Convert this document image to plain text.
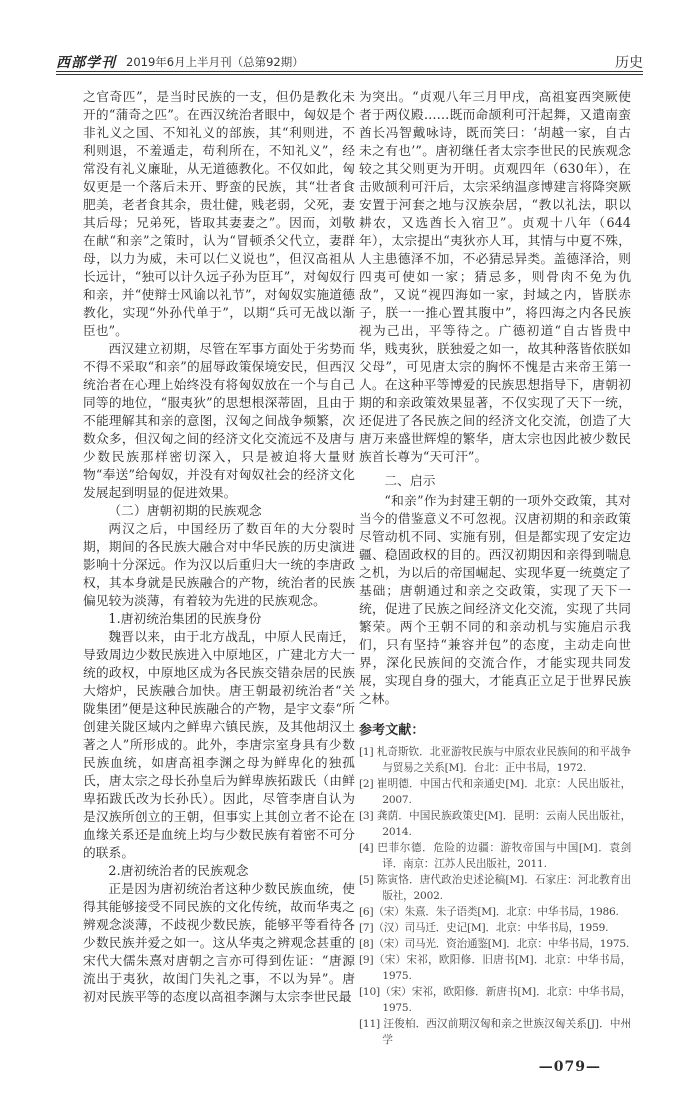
西部学刊 2019年6月上半月刊（总第92期）	历史

之官奇匹”，是当时民族的一支，但仍是教化未开的“蒲奇之匹”。在西汉统治者眼中，匈奴是个非礼义之国、不知礼义的部族，其“利则进，不利则退，不羞遁走，苟利所在，不知礼义”，经常没有礼义廉耻，从无道德教化。不仅如此，匈奴更是一个落后未开、野蛮的民族，其“壮者食肥美，老者食其余，贵壮健，贱老弱，父死，妻其后母；兄弟死，皆取其妻妻之”。因而，刘敬在献“和亲”之策时，认为“冒顿杀父代立，妻群母，以力为威，未可以仁义说也”，但汉高祖从长远计，“独可以计久远子孙为臣耳”，对匈奴行和亲，并“使辩士风谕以礼节”，对匈奴实施道德教化，实现“外孙代单于”，以期“兵可无战以渐臣也”。

西汉建立初期，尽管在军事方面处于劣势而不得不采取“和亲”的屈辱政策保境安民，但西汉统治者在心理上始终没有将匈奴放在一个与自己同等的地位，“服夷狄”的思想根深蒂固，且由于不能理解其和亲的意图，汉匈之间战争频繁，次数众多，但汉匈之间的经济文化交流远不及唐与少数民族那样密切深入，只是被迫将大量财物“奉送”给匈奴，并没有对匈奴社会的经济文化发展起到明显的促进效果。

（二）唐朝初期的民族观念

两汉之后，中国经历了数百年的大分裂时期，期间的各民族大融合对中华民族的历史演进影响十分深远。作为汉以后重归大一统的李唐政权，其本身就是民族融合的产物，统治者的民族偏见较为淡薄，有着较为先进的民族观念。

1.唐初统治集团的民族身份

魏晋以来，由于北方战乱，中原人民南迁，导致周边少数民族进入中原地区，广建北方大一统的政权，中原地区成为各民族交错杂居的民族大熔炉，民族融合加快。唐王朝最初统治者“关陇集团”便是这种民族融合的产物，是宇文泰“所创建关陇区域内之鲜卑六镇民族，及其他胡汉土著之人”所形成的。此外，李唐宗室身具有少数民族血统，如唐高祖李渊之母为鲜卑化的独孤氏，唐太宗之母长孙皇后为鲜卑族拓跋氏（由鲜卑拓跋氏改为长孙氏）。因此，尽管李唐自认为是汉族所创立的王朝，但事实上其创立者不论在血缘关系还是血统上均与少数民族有着密不可分的联系。

2.唐初统治者的民族观念

正是因为唐初统治者这种少数民族血统，使得其能够接受不同民族的文化传统，故而华夷之辨观念淡薄，不歧视少数民族，能够平等看待各少数民族并爱之如一。这从华夷之辨观念甚重的宋代大儒朱熹对唐朝之言亦可得到佐证：“唐源流出于夷狄，故闺门失礼之事，不以为异”。唐初对民族平等的态度以高祖李渊与太宗李世民最

为突出。“贞观八年三月甲戌，高祖宴西突厥使者于两仪殿……既而命颉利可汗起舞，又遣南蛮酋长冯智戴咏诗，既而笑曰：‘胡越一家，自古未之有也’”。唐初继任者太宗李世民的民族观念较之其父则更为开明。贞观四年（630年），在击败颉利可汗后，太宗采纳温彦博建言将降突厥安置于河套之地与汉族杂居，“教以礼法，职以耕农，又选酋长入宿卫”。贞观十八年（644年），太宗提出“夷狄亦人耳，其情与中夏不殊，人主患德泽不加，不必猜忌异类。盖德泽洽，则四夷可使如一家；猜忌多，则骨肉不免为仇敌”，又说“视四海如一家，封域之内，皆朕赤子，朕一一推心置其腹中”，将四海之内各民族视为己出，平等待之。广德初道“自古皆贵中华，贱夷狄，朕独爱之如一，故其种落皆依朕如父母”，可见唐太宗的胸怀不愧是古来帝王第一人。在这种平等博爱的民族思想指导下，唐朝初期的和亲政策效果显著，不仅实现了天下一统，还促进了各民族之间的经济文化交流，创造了大唐万来盛世辉煌的繁华，唐太宗也因此被少数民族首长尊为“天可汗”。

二、启示

“和亲”作为封建王朝的一项外交政策，其对当今的借鉴意义不可忽视。汉唐初期的和亲政策尽管动机不同、实施有别，但是都实现了安定边疆、稳固政权的目的。西汉初期因和亲得到喘息之机，为以后的帝国崛起、实现华夏一统奠定了基础；唐朝通过和亲之交政策，实现了天下一统，促进了民族之间经济文化交流，实现了共同繁荣。两个王朝不同的和亲动机与实施启示我们，只有坚持“兼容并包”的态度，主动走向世界，深化民族间的交流合作，才能实现共同发展，实现自身的强大，才能真正立足于世界民族之林。

参考文献：

[1] 札奇斯钦．北亚游牧民族与中原农业民族间的和平战争与贸易之关系[M]．台北：正中书局，1972.

[2] 崔明德．中国古代和亲通史[M]．北京：人民出版社，2007.

[3] 龚荫．中国民族政策史[M]．昆明：云南人民出版社，2014.

[4] 巴菲尔德．危险的边疆：游牧帝国与中国[M]．袁剑译．南京：江苏人民出版社，2011.

[5] 陈寅恪．唐代政治史述论稿[M]．石家庄：河北教育出版社，2002.

[6]（宋）朱熹．朱子语类[M]．北京：中华书局，1986.

[7]（汉）司马迁．史记[M]．北京：中华书局，1959.

[8]（宋）司马光．资治通鉴[M]．北京：中华书局，1975.

[9]（宋）宋祁，欧阳修．旧唐书[M]．北京：中华书局，1975.

[10]（宋）宋祁，欧阳修．新唐书[M]．北京：中华书局，1975.

[11] 汪俊柏．西汉前期汉匈和亲之世族汉匈关系[J]．中州学

—079—
